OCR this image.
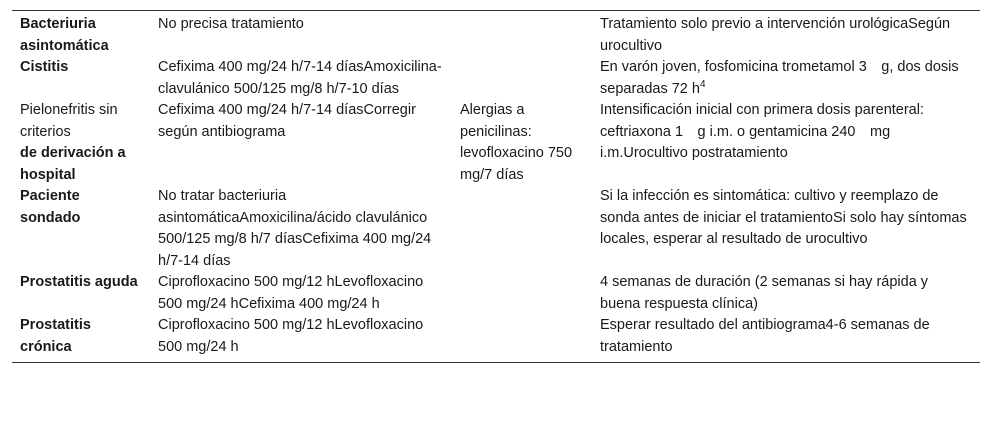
Bacteriuria asintomática	No precisa tratamiento		Tratamiento solo previo a intervención urológicaSegún urocultivo

Cistitis	Cefixima 400 mg/24 h/7-14 díasAmoxicilina-clavulánico 500/125 mg/8 h/7-10 días		En varón joven, fosfomicina trometamol 3 g, dos dosis separadas 72 $h^4$

Pielonefritis sin criterios
de derivación a hospital	Cefixima 400 mg/24 h/7-14 díasCorregir según antibiograma	Alergias a penicilinas: levofloxacino 750 mg/7 días	Intensificación inicial con primera dosis parenteral: ceftriaxona 1 g i.m. o gentamicina 240 mg i.m.Urocultivo postratamiento

Paciente sondado	No tratar bacteriuria asintomáticaAmoxicilina/ácido clavulánico 500/125 mg/8 h/7 díasCefixima 400 mg/24 h/7-14 días		Si la infección es sintomática: cultivo y reemplazo de sonda antes de iniciar el tratamientoSi solo hay síntomas locales, esperar al resultado de urocultivo

Prostatitis aguda	Ciprofloxacino 500 mg/12 hLevofloxacino 500 mg/24 hCefixima 400 mg/24 h		4 semanas de duración (2 semanas si hay rápida y buena respuesta clínica)

Prostatitis crónica	Ciprofloxacino 500 mg/12 hLevofloxacino 500 mg/24 h		Esperar resultado del antibiograma4-6 semanas de tratamiento
